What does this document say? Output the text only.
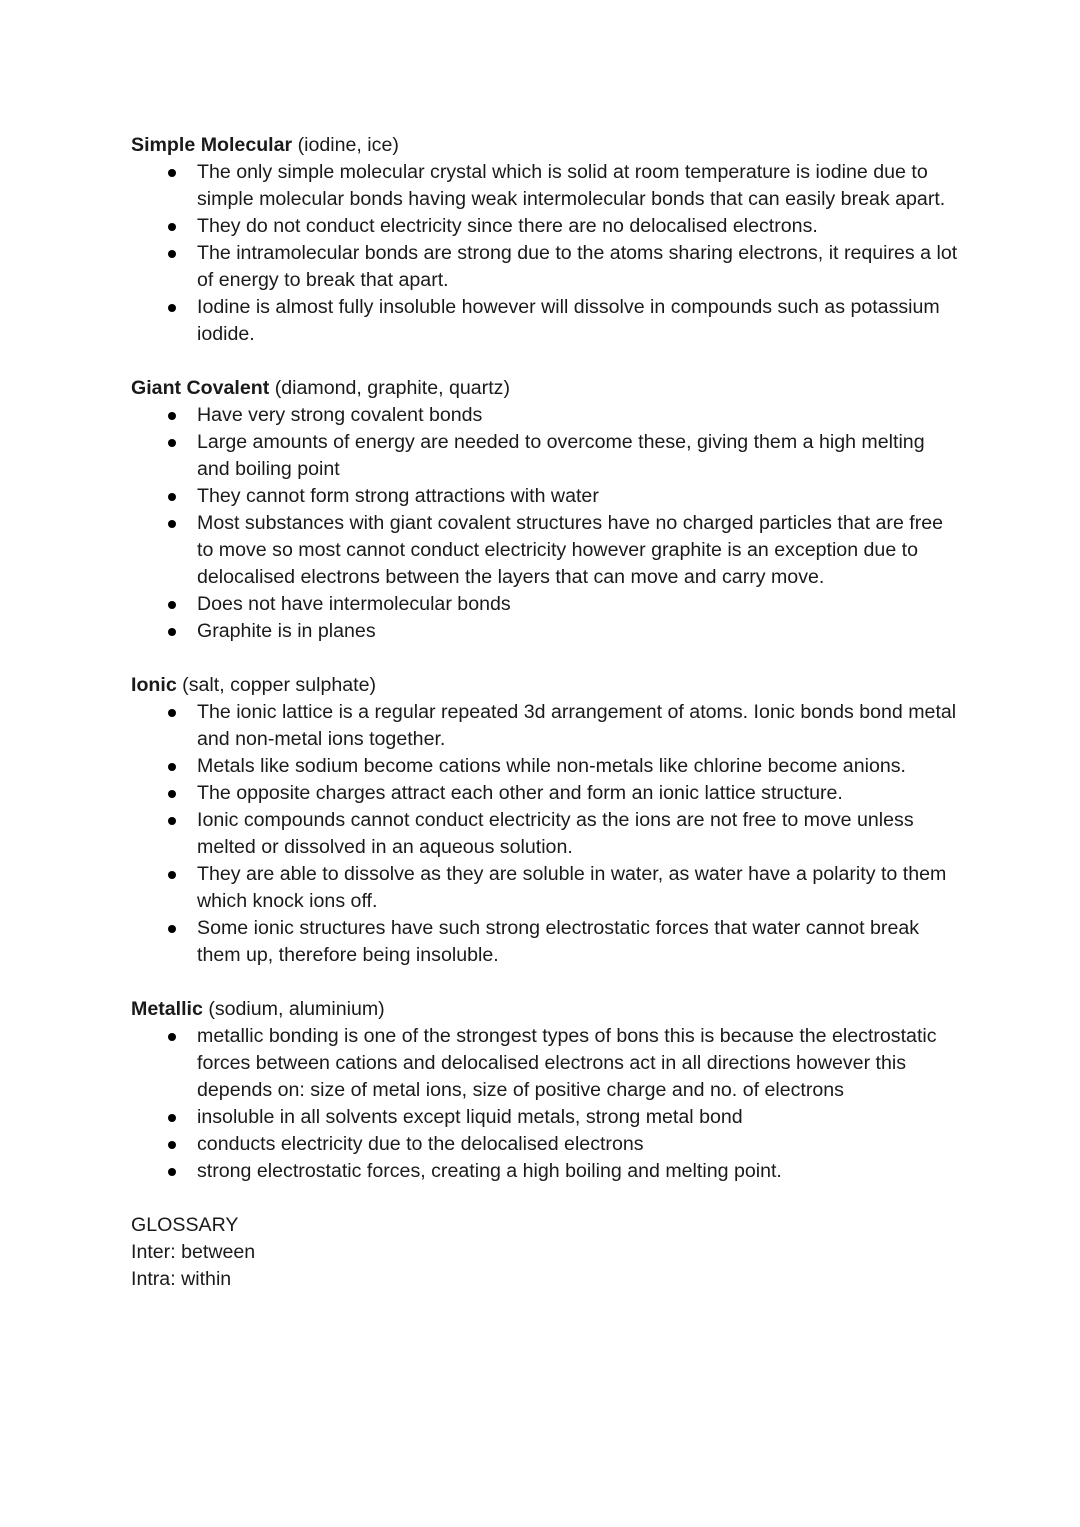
Simple Molecular (iodine, ice)

The only simple molecular crystal which is solid at room temperature is iodine due to simple molecular bonds having weak intermolecular bonds that can easily break apart.
They do not conduct electricity since there are no delocalised electrons.
The intramolecular bonds are strong due to the atoms sharing electrons, it requires a lot of energy to break that apart.
Iodine is almost fully insoluble however will dissolve in compounds such as potassium iodide.

Giant Covalent (diamond, graphite, quartz)

Have very strong covalent bonds
Large amounts of energy are needed to overcome these, giving them a high melting and boiling point
They cannot form strong attractions with water
Most substances with giant covalent structures have no charged particles that are free to move so most cannot conduct electricity however graphite is an exception due to delocalised electrons between the layers that can move and carry move.
Does not have intermolecular bonds
Graphite is in planes

Ionic (salt, copper sulphate)

The ionic lattice is a regular repeated 3d arrangement of atoms. Ionic bonds bond metal and non-metal ions together.
Metals like sodium become cations while non-metals like chlorine become anions.
The opposite charges attract each other and form an ionic lattice structure.
Ionic compounds cannot conduct electricity as the ions are not free to move unless melted or dissolved in an aqueous solution.
They are able to dissolve as they are soluble in water, as water have a polarity to them which knock ions off.
Some ionic structures have such strong electrostatic forces that water cannot break them up, therefore being insoluble.

Metallic (sodium, aluminium)

metallic bonding is one of the strongest types of bons this is because the electrostatic forces between cations and delocalised electrons act in all directions however this depends on: size of metal ions, size of positive charge and no. of electrons
insoluble in all solvents except liquid metals, strong metal bond
conducts electricity due to the delocalised electrons
strong electrostatic forces, creating a high boiling and melting point.
GLOSSARY
Inter: between
Intra: within
